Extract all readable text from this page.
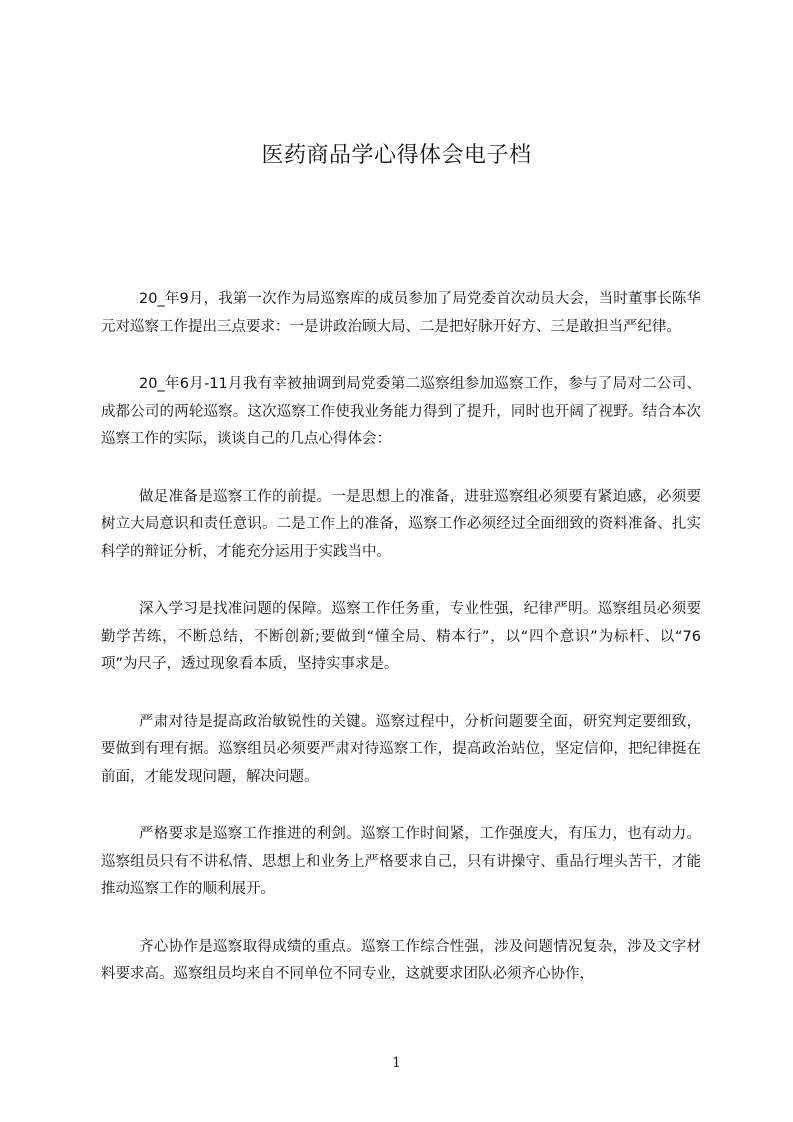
医药商品学心得体会电子档

20_年9月，我第一次作为局巡察库的成员参加了局党委首次动员大会，当时董事长陈华元对巡察工作提出三点要求：一是讲政治顾大局、二是把好脉开好方、三是敢担当严纪律。

20_年6月-11月我有幸被抽调到局党委第二巡察组参加巡察工作，参与了局对二公司、成都公司的两轮巡察。这次巡察工作使我业务能力得到了提升，同时也开阔了视野。结合本次巡察工作的实际，谈谈自己的几点心得体会：

做足准备是巡察工作的前提。一是思想上的准备，进驻巡察组必须要有紧迫感，必须要树立大局意识和责任意识。二是工作上的准备，巡察工作必须经过全面细致的资料准备、扎实科学的辩证分析，才能充分运用于实践当中。

深入学习是找准问题的保障。巡察工作任务重，专业性强，纪律严明。巡察组员必须要勤学苦练，不断总结，不断创新;要做到“懂全局、精本行”，以“四个意识”为标杆、以“76项”为尺子，透过现象看本质，坚持实事求是。

严肃对待是提高政治敏锐性的关键。巡察过程中，分析问题要全面，研究判定要细致，要做到有理有据。巡察组员必须要严肃对待巡察工作，提高政治站位，坚定信仰，把纪律挺在前面，才能发现问题，解决问题。

严格要求是巡察工作推进的利剑。巡察工作时间紧，工作强度大，有压力，也有动力。巡察组员只有不讲私情、思想上和业务上严格要求自己，只有讲操守、重品行埋头苦干，才能推动巡察工作的顺利展开。

齐心协作是巡察取得成绩的重点。巡察工作综合性强，涉及问题情况复杂，涉及文字材料要求高。巡察组员均来自不同单位不同专业，这就要求团队必须齐心协作，

1
